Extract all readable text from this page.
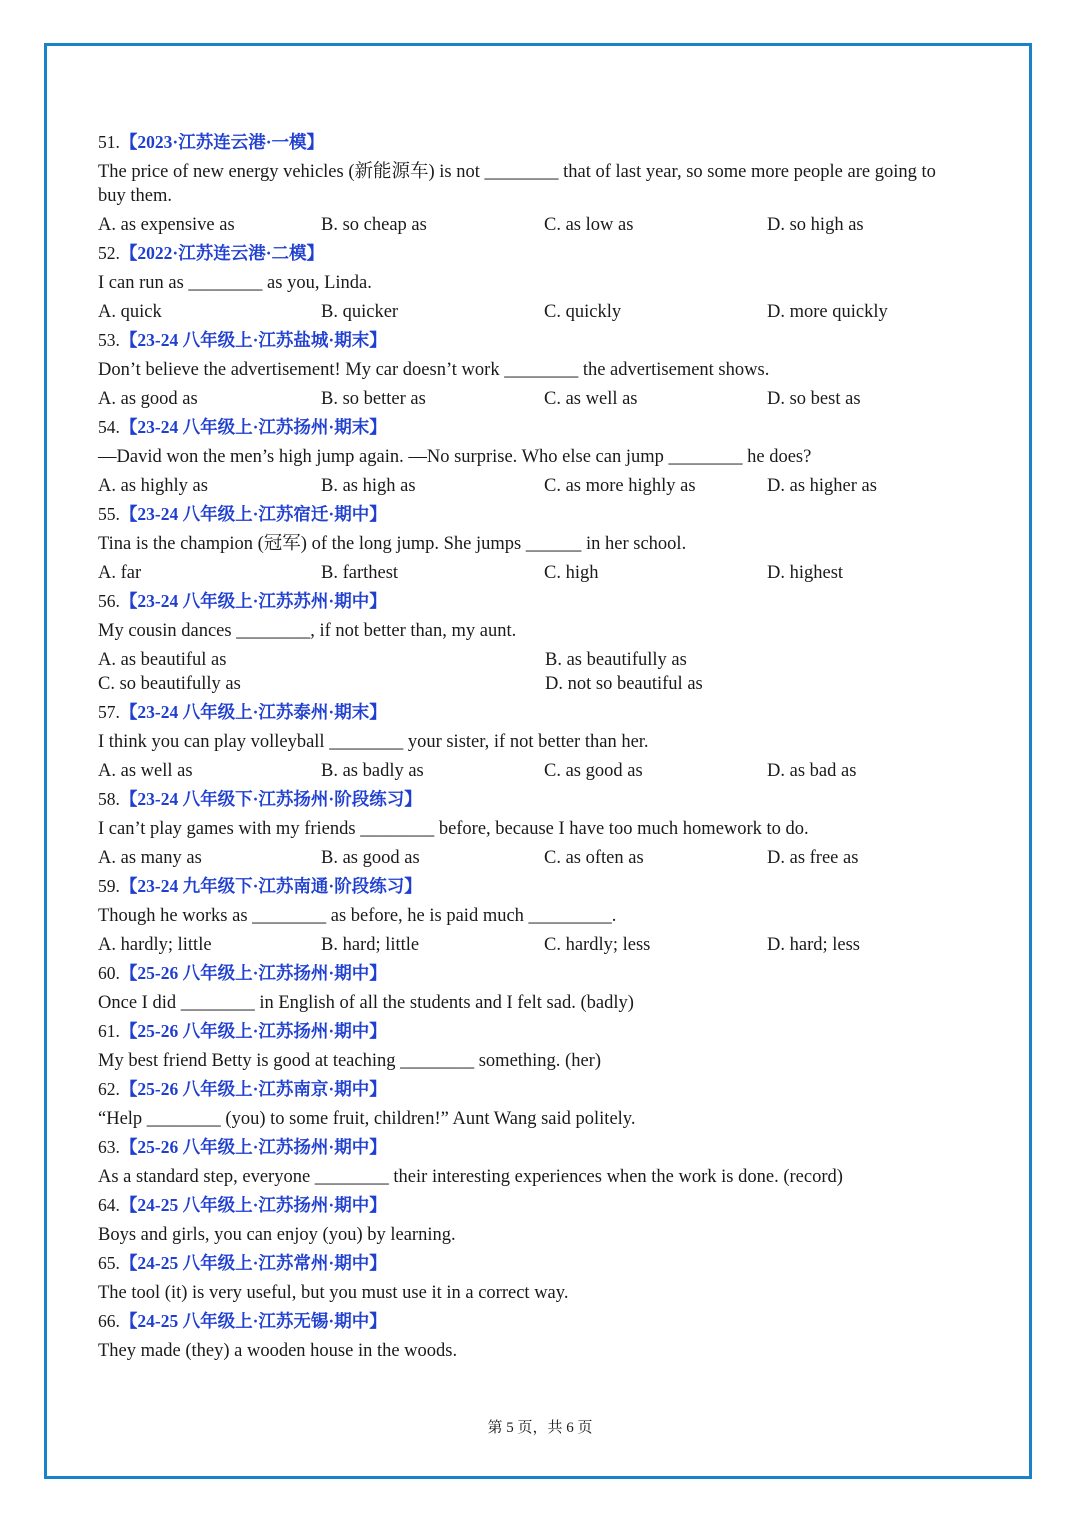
51.【2023·江苏连云港·一模】
The price of new energy vehicles (新能源车) is not ________ that of last year, so some more people are going to buy them.
A. as expensive as	B. so cheap as	C. as low as	D. so high as
52.【2022·江苏连云港·二模】
I can run as ________ as you, Linda.
A. quick	B. quicker	C. quickly	D. more quickly
53.【23-24 八年级上·江苏盐城·期末】
Don’t believe the advertisement! My car doesn’t work ________ the advertisement shows.
A. as good as	B. so better as	C. as well as	D. so best as
54.【23-24 八年级上·江苏扬州·期末】
—David won the men’s high jump again. —No surprise. Who else can jump ________ he does?
A. as highly as	B. as high as	C. as more highly as	D. as higher as
55.【23-24 八年级上·江苏宿迁·期中】
Tina is the champion (冠军) of the long jump. She jumps ______ in her school.
A. far	B. farthest	C. high	D. highest
56.【23-24 八年级上·江苏苏州·期中】
My cousin dances ________, if not better than, my aunt.
A. as beautiful as	B. as beautifully as
C. so beautifully as	D. not so beautiful as
57.【23-24 八年级上·江苏泰州·期末】
I think you can play volleyball ________ your sister, if not better than her.
A. as well as	B. as badly as	C. as good as	D. as bad as
58.【23-24 八年级下·江苏扬州·阶段练习】
I can’t play games with my friends ________ before, because I have too much homework to do.
A. as many as	B. as good as	C. as often as	D. as free as
59.【23-24 九年级下·江苏南通·阶段练习】
Though he works as ________ as before, he is paid much _________.
A. hardly; little	B. hard; little	C. hardly; less	D. hard; less
60.【25-26 八年级上·江苏扬州·期中】
Once I did ________ in English of all the students and I felt sad. (badly)
61.【25-26 八年级上·江苏扬州·期中】
My best friend Betty is good at teaching ________ something. (her)
62.【25-26 八年级上·江苏南京·期中】
“Help ________ (you) to some fruit, children!” Aunt Wang said politely.
63.【25-26 八年级上·江苏扬州·期中】
As a standard step, everyone ________ their interesting experiences when the work is done. (record)
64.【24-25 八年级上·江苏扬州·期中】
Boys and girls, you can enjoy (you) by learning.
65.【24-25 八年级上·江苏常州·期中】
The tool (it) is very useful, but you must use it in a correct way.
66.【24-25 八年级上·江苏无锡·期中】
They made (they) a wooden house in the woods.
第 5 页，共 6 页
